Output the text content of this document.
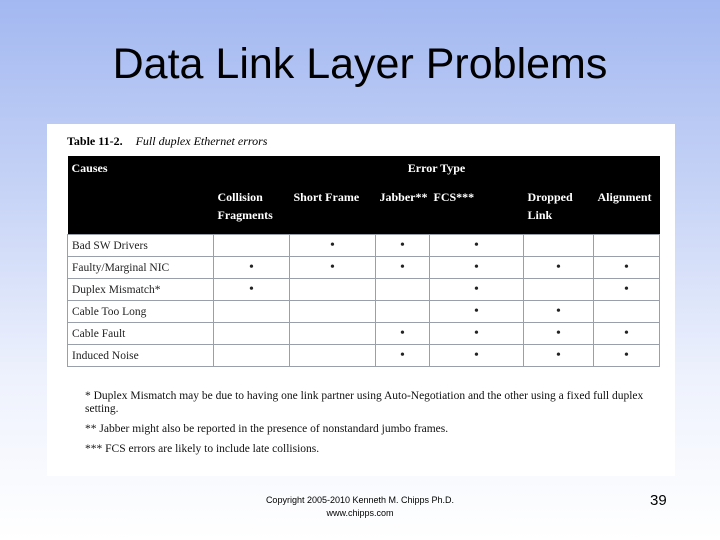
Data Link Layer Problems
Table 11-2. Full duplex Ethernet errors
Causes	Error Type					
	Collision Fragments	Short Frame	Jabber**	FCS***	Dropped Link	Alignment
Bad SW Drivers		•	•	•		
Faulty/Marginal NIC	•	•	•	•	•	•
Duplex Mismatch*	•			•		•
Cable Too Long				•	•	
Cable Fault			•	•	•	•
Induced Noise			•	•	•	•

* Duplex Mismatch may be due to having one link partner using Auto-Negotiation and the other using a fixed full duplex setting.

** Jabber might also be reported in the presence of nonstandard jumbo frames.

*** FCS errors are likely to include late collisions.

Copyright 2005-2010 Kenneth M. Chipps Ph.D.
www.chipps.com
39
